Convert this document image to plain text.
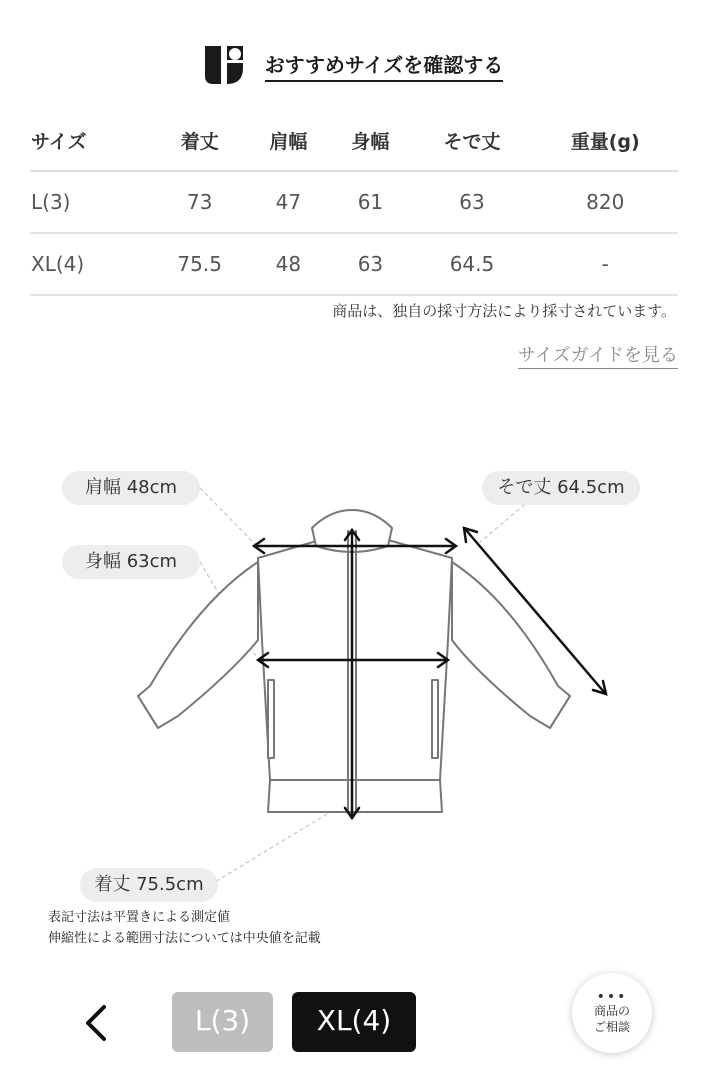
おすすめサイズを確認する
サイズ	着丈	肩幅	身幅	そで丈	重量(g)
L(3)	73	47	61	63	820
XL(4)	75.5	48	63	64.5	-
商品は、独自の採寸方法により採寸されています。
サイズガイドを見る
肩幅 48cm
身幅 63cm
そで丈 64.5cm
着丈 75.5cm
表記寸法は平置きによる測定値
伸縮性による範囲寸法については中央値を記載
L(3)	XL(4)
•••
商品の
ご相談
